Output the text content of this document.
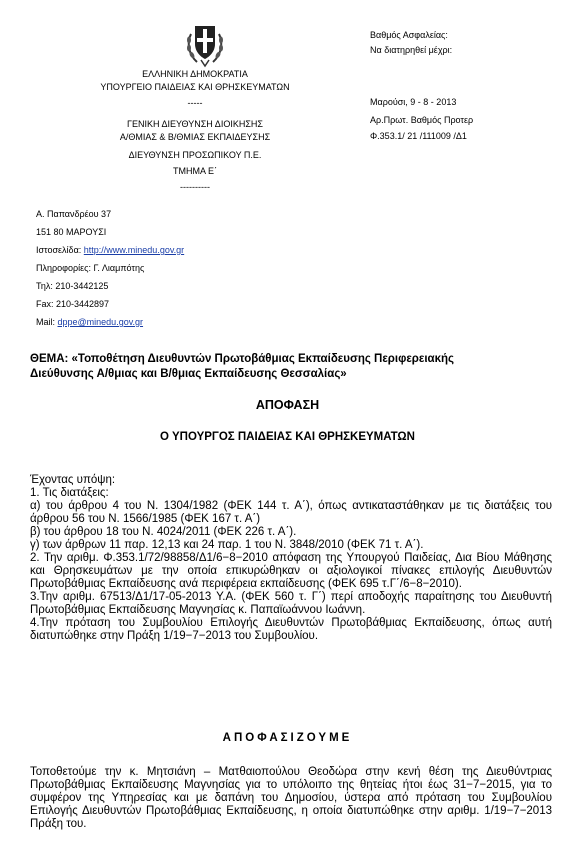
ΕΛΛΗΝΙΚΗ ΔΗΜΟΚΡΑΤΙΑ
ΥΠΟΥΡΓΕΙΟ ΠΑΙΔΕΙΑΣ ΚΑΙ ΘΡΗΣΚΕΥΜΑΤΩΝ
-----
ΓΕΝΙΚΗ ΔΙΕΥΘΥΝΣΗ ΔΙΟΙΚΗΣΗΣ
Α/ΘΜΙΑΣ & Β/ΘΜΙΑΣ ΕΚΠΑΙΔΕΥΣΗΣ
ΔΙΕΥΘΥΝΣΗ ΠΡΟΣΩΠΙΚΟΥ Π.Ε.
ΤΜΗΜΑ Ε΄
----------
Βαθμός Ασφαλείας:
Να διατηρηθεί μέχρι:
Μαρούσι, 9 - 8 - 2013
Αρ.Πρωτ. Βαθμός Προτερ
Φ.353.1/ 21 /111009 /Δ1
Α. Παπανδρέου 37
151 80 ΜΑΡΟΥΣΙ
Ιστοσελίδα: http://www.minedu.gov.gr
Πληροφορίες: Γ. Λιαμπότης
Τηλ: 210-3442125
Fax: 210-3442897
Mail: dppe@minedu.gov.gr
ΘΕΜΑ: «Τοποθέτηση Διευθυντών Πρωτοβάθμιας Εκπαίδευσης Περιφερειακής
Διεύθυνσης Α/θμιας και Β/θμιας Εκπαίδευσης Θεσσαλίας»
ΑΠΟΦΑΣΗ
Ο ΥΠΟΥΡΓΟΣ ΠΑΙΔΕΙΑΣ ΚΑΙ ΘΡΗΣΚΕΥΜΑΤΩΝ

Έχοντας υπόψη:

1. Τις διατάξεις:

α) του άρθρου 4 του Ν. 1304/1982 (ΦΕΚ 144 τ. Α΄), όπως αντικαταστάθηκαν με τις διατάξεις του άρθρου 56 του Ν. 1566/1985 (ΦΕΚ 167 τ. Α΄)

β) του άρθρου 18 του Ν. 4024/2011 (ΦΕΚ 226 τ. Α΄).

γ) των άρθρων 11 παρ. 12,13 και 24 παρ. 1 του Ν. 3848/2010 (ΦΕΚ 71 τ. Α΄).

2. Την αριθμ. Φ.353.1/72/98858/Δ1/6−8−2010 απόφαση της Υπουργού Παιδείας, Δια Βίου Μάθησης και Θρησκευμάτων με την οποία επικυρώθηκαν οι αξιολογικοί πίνακες επιλογής Διευθυντών Πρωτοβάθμιας Εκπαίδευσης ανά περιφέρεια εκπαίδευσης (ΦΕΚ 695 τ.Γ΄/6−8−2010).

3.Την αριθμ. 67513/Δ1/17-05-2013 Υ.Α. (ΦΕΚ 560 τ. Γ΄) περί αποδοχής παραίτησης του Διευθυντή Πρωτοβάθμιας Εκπαίδευσης Μαγνησίας κ. Παπαϊωάννου Ιωάννη.

4.Την πρόταση του Συμβουλίου Επιλογής Διευθυντών Πρωτοβάθμιας Εκπαίδευσης, όπως αυτή διατυπώθηκε στην Πράξη 1/19−7−2013 του Συμβουλίου.

ΑΠΟΦΑΣΙΖΟΥΜΕ
Τοποθετούμε την κ. Μητσιάνη – Ματθαιοπούλου Θεοδώρα στην κενή θέση της Διευθύντριας Πρωτοβάθμιας Εκπαίδευσης Μαγνησίας για το υπόλοιπο της θητείας ήτοι έως 31−7−2015, για το συμφέρον της Υπηρεσίας και με δαπάνη του Δημοσίου, ύστερα από πρόταση του Συμβουλίου Επιλογής Διευθυντών Πρωτοβάθμιας Εκπαίδευσης, η οποία διατυπώθηκε στην αριθμ. 1/19−7−2013 Πράξη του.
